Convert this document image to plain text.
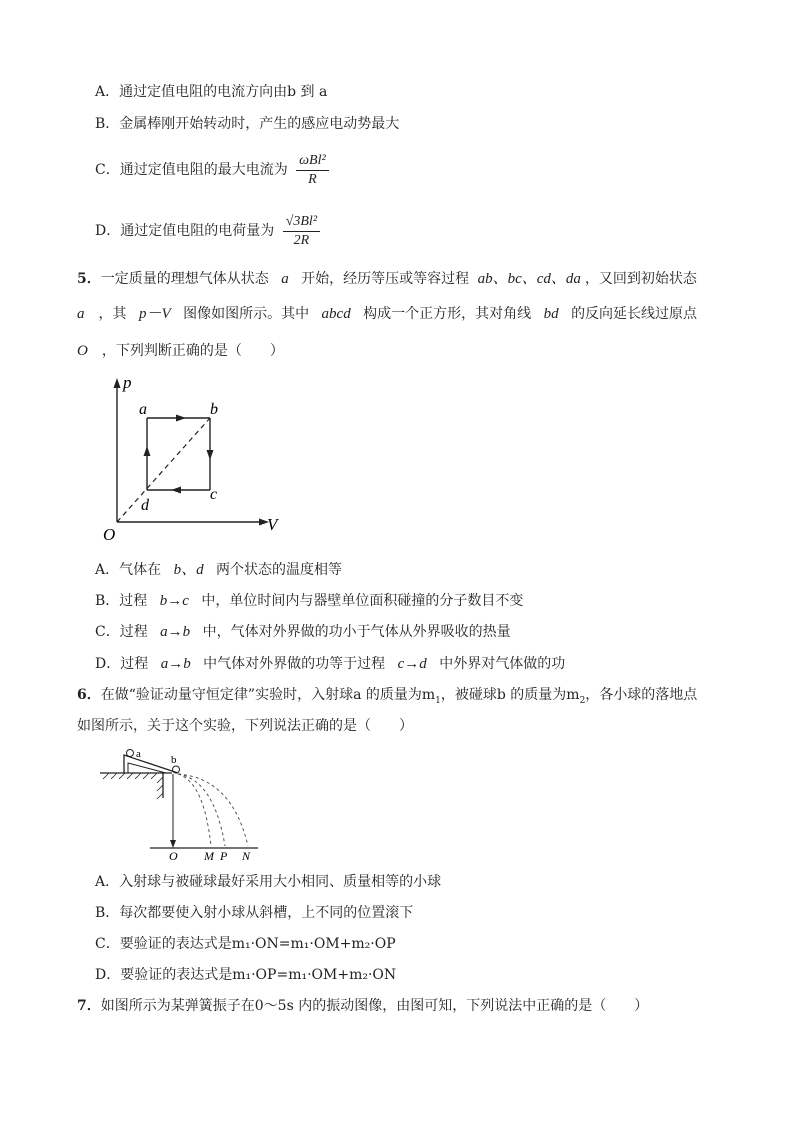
A．通过定值电阻的电流方向由b 到 a
B．金属棒刚开始转动时，产生的感应电动势最大
C．通过定值电阻的最大电流为 $\frac{\text{ωBl²}}{R}$
D．通过定值电阻的电荷量为 $\frac{\text{√3Bl²}}{2R}$
5．一定质量的理想气体从状态 a 开始，经历等压或等容过程 ab、bc、cd、da ，又回到初始状态
a ，其 p－V 图像如图所示。其中 abcd 构成一个正方形，其对角线 bd 的反向延长线过原点
O ，下列判断正确的是（　　）
p
V
O
a	b
c
d
A．气体在 b、d 两个状态的温度相等
B．过程 b→c 中，单位时间内与器壁单位面积碰撞的分子数目不变
C．过程 a→b 中，气体对外界做的功小于气体从外界吸收的热量
D．过程 a→b 中气体对外界做的功等于过程 c→d 中外界对气体做的功
6．在做“验证动量守恒定律”实验时，入射球a 的质量为$m_1$，被碰球b 的质量为$m_2$，各小球的落地点
如图所示，关于这个实验，下列说法正确的是（　　）
a	b
O M P N
A．入射球与被碰球最好采用大小相同、质量相等的小球
B．每次都要使入射小球从斜槽，上不同的位置滚下
C．要验证的表达式是m₁·ON=m₁·OM+m₂·OP
D．要验证的表达式是m₁·OP=m₁·OM+m₂·ON
7．如图所示为某弹簧振子在0～5s 内的振动图像，由图可知，下列说法中正确的是（　　）
